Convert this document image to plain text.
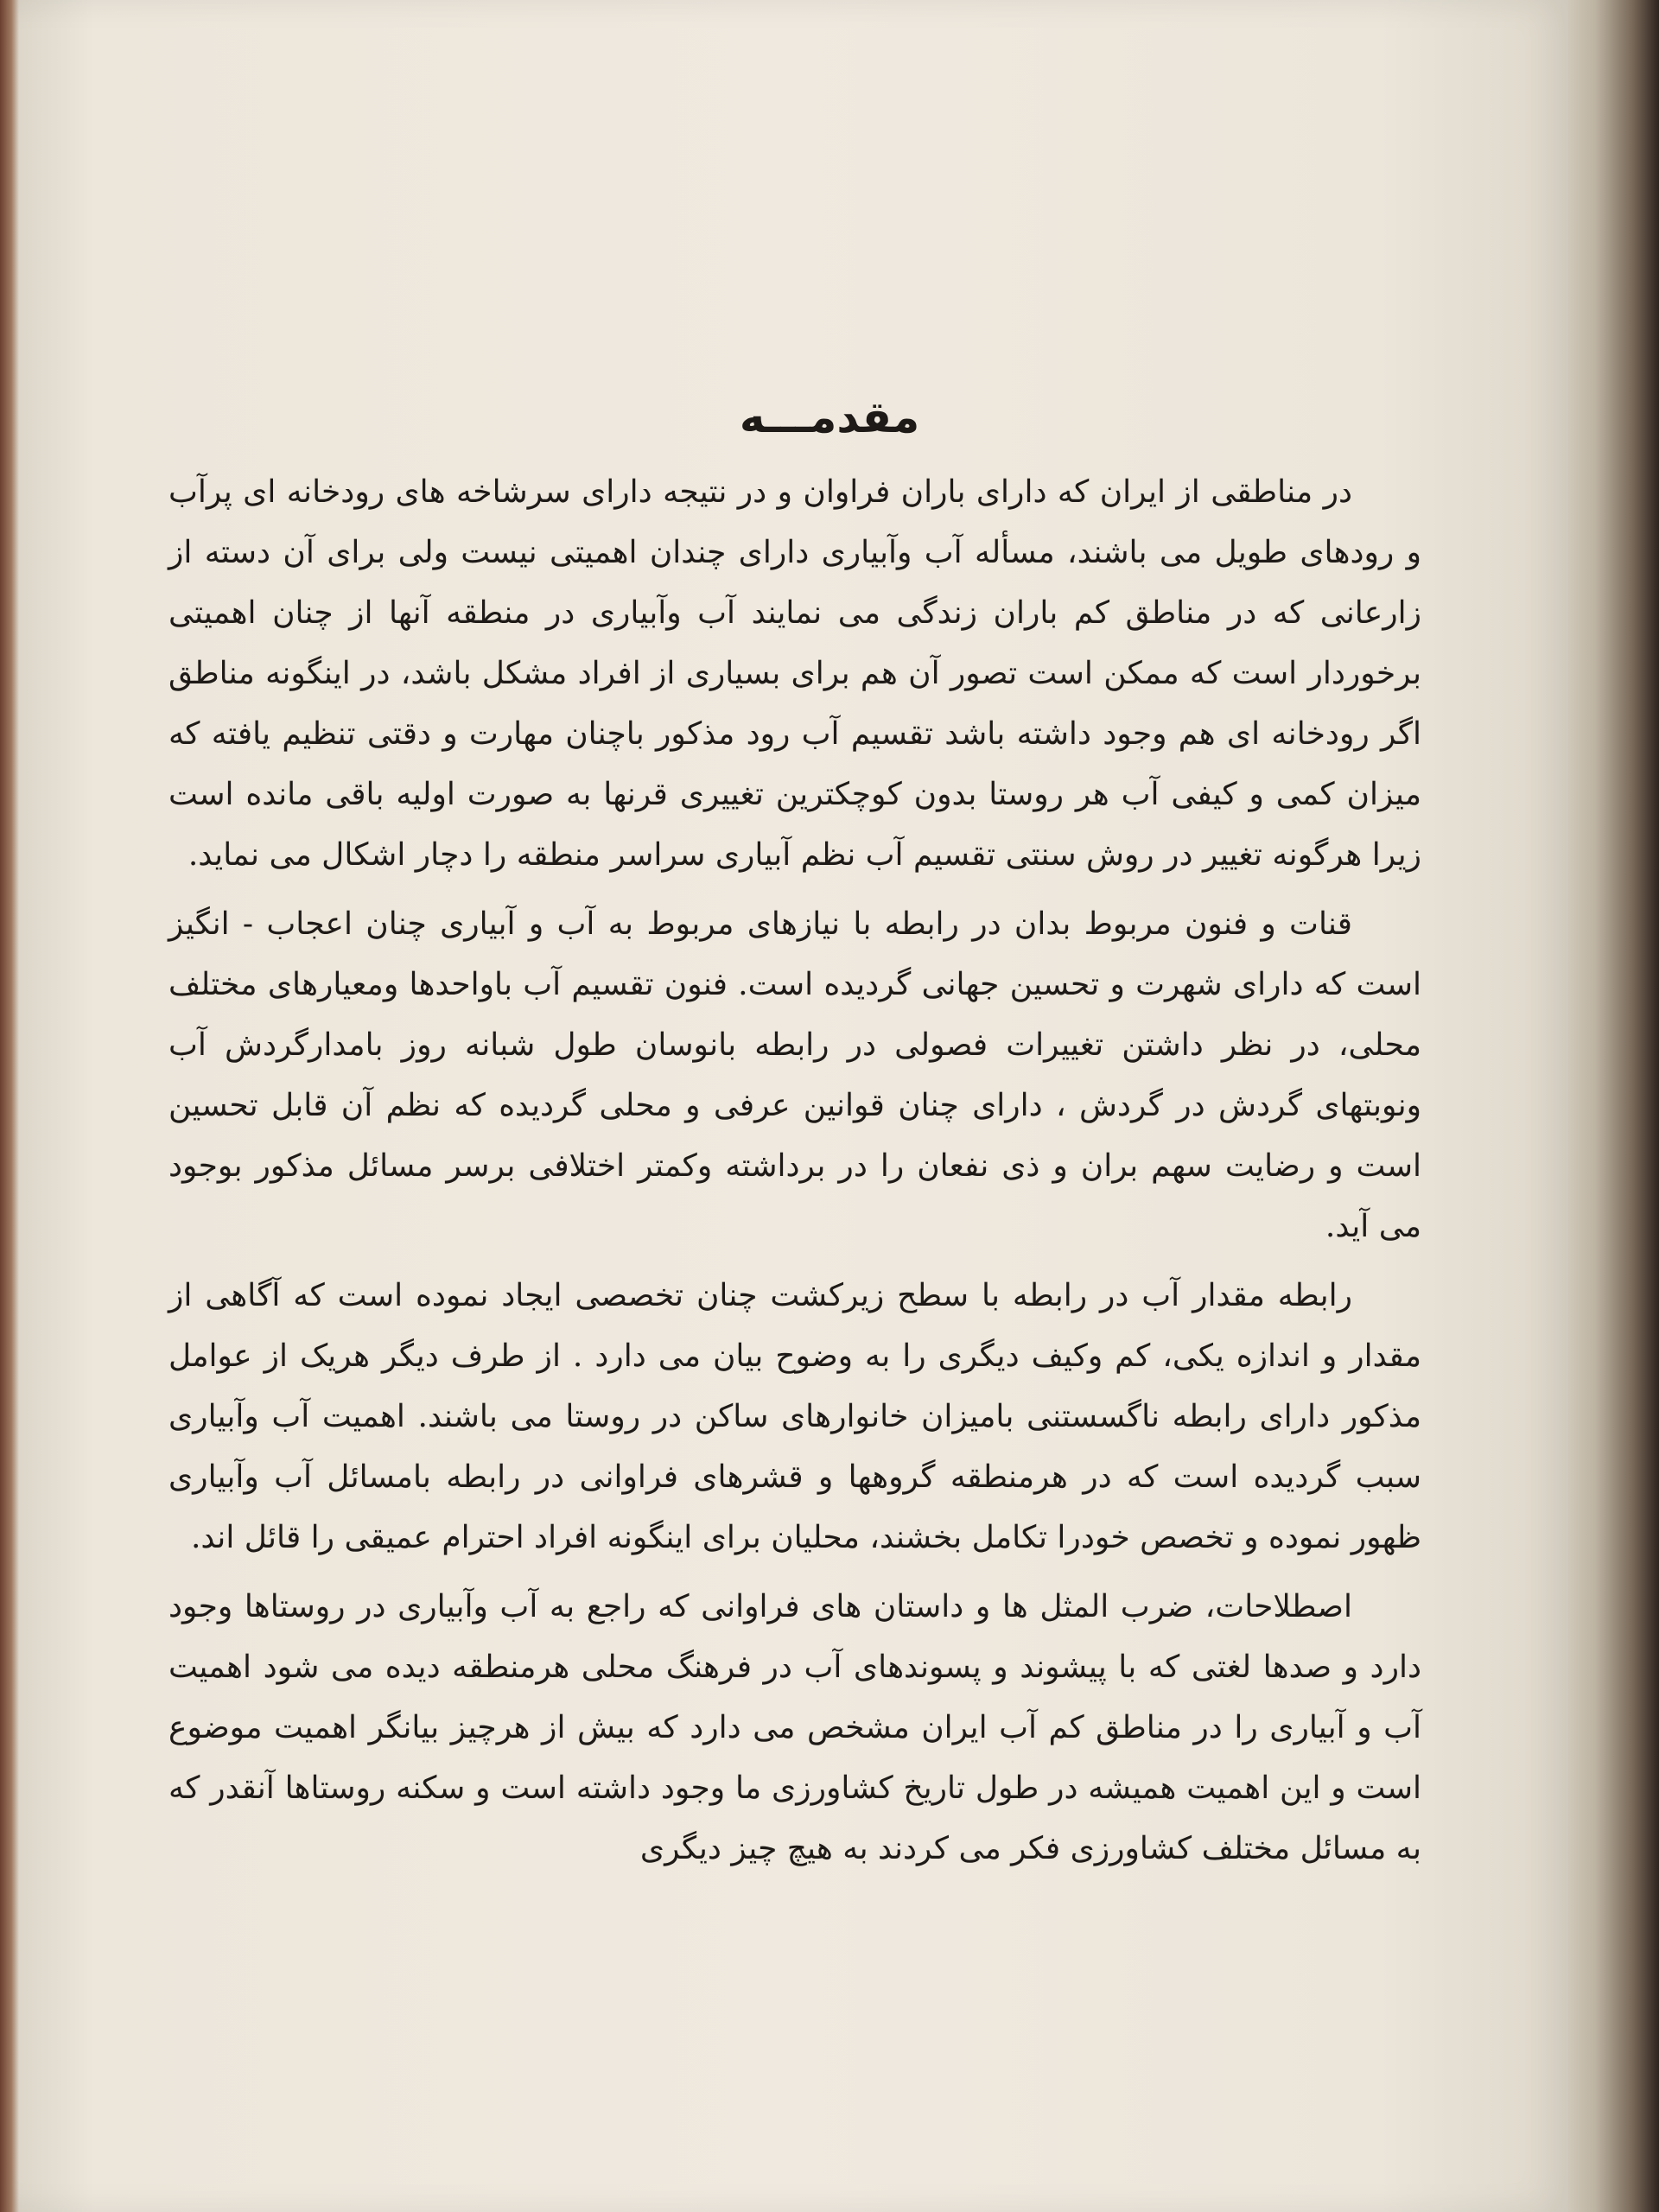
مقدمـــه

در مناطقی از ایران که دارای باران فراوان و در نتیجه دارای سرشاخه های رودخانه ای پرآب و رودهای طویل می باشند، مسأله آب وآبیاری دارای چندان اهمیتی نیست ولی برای آن دسته از زارعانی که در مناطق کم باران زندگی می نمایند آب وآبیاری در منطقه آنها از چنان اهمیتی برخوردار است که ممکن است تصور آن هم برای بسیاری از افراد مشکل باشد، در اینگونه مناطق اگر رودخانه ای هم وجود داشته باشد تقسیم آب رود مذکور باچنان مهارت و دقتی تنظیم یافته که میزان کمی و کیفی آب هر روستا بدون کوچکترین تغییری قرنها به صورت اولیه باقی مانده است زیرا هرگونه تغییر در روش سنتی تقسیم آب نظم آبیاری سراسر منطقه را دچار اشکال می نماید.

قنات و فنون مربوط بدان در رابطه با نیازهای مربوط به آب و آبیاری چنان اعجاب - انگیز است که دارای شهرت و تحسین جهانی گردیده است. فنون تقسیم آب باواحدها ومعیارهای مختلف محلی، در نظر داشتن تغییرات فصولی در رابطه بانوسان طول شبانه روز بامدارگردش آب ونوبتهای گردش در گردش ، دارای چنان قوانین عرفی و محلی گردیده که نظم آن قابل تحسین است و رضایت سهم بران و ذی نفعان را در برداشته وکمتر اختلافی برسر مسائل مذکور بوجود می آید.

رابطه مقدار آب در رابطه با سطح زیرکشت چنان تخصصی ایجاد نموده است که آگاهی از مقدار و اندازه یکی، کم وکیف دیگری را به وضوح بیان می دارد . از طرف دیگر هریک از عوامل مذکور دارای رابطه ناگسستنی بامیزان خانوارهای ساکن در روستا می باشند. اهمیت آب وآبیاری سبب گردیده است که در هرمنطقه گروهها و قشرهای فراوانی در رابطه بامسائل آب وآبیاری ظهور نموده و تخصص خودرا تکامل بخشند، محلیان برای اینگونه افراد احترام عمیقی را قائل اند.

اصطلاحات، ضرب المثل ها و داستان های فراوانی که راجع به آب وآبیاری در روستاها وجود دارد و صدها لغتی که با پیشوند و پسوندهای آب در فرهنگ محلی هرمنطقه دیده می شود اهمیت آب و آبیاری را در مناطق کم آب ایران مشخص می دارد که بیش از هرچیز بیانگر اهمیت موضوع است و این اهمیت همیشه در طول تاریخ کشاورزی ما وجود داشته است و سکنه روستاها آنقدر که به مسائل مختلف کشاورزی فکر می کردند به هیچ چیز دیگری
